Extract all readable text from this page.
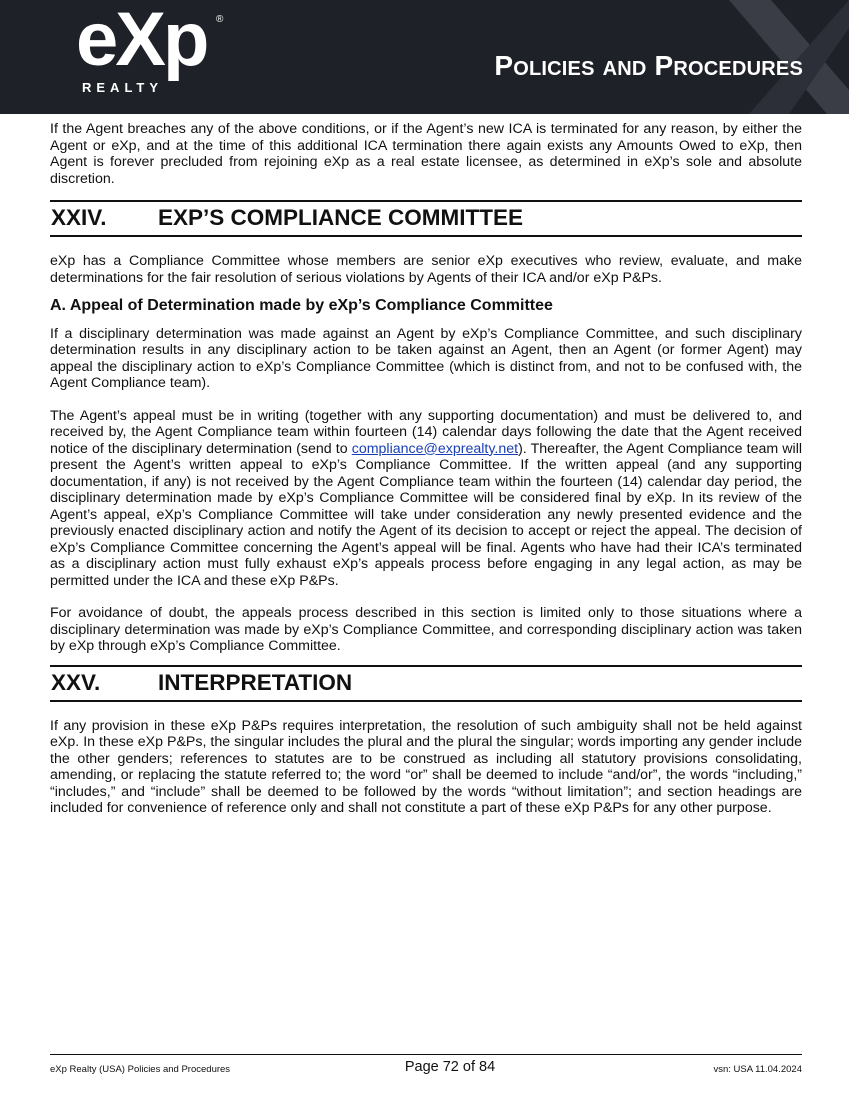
eXp
REALTY
®
Policies and Procedures

If the Agent breaches any of the above conditions, or if the Agent’s new ICA is terminated for any reason, by either the Agent or eXp, and at the time of this additional ICA termination there again exists any Amounts Owed to eXp, then Agent is forever precluded from rejoining eXp as a real estate licensee, as determined in eXp’s sole and absolute discretion.

XXIV.	EXP’S COMPLIANCE COMMITTEE

eXp has a Compliance Committee whose members are senior eXp executives who review, evaluate, and make determinations for the fair resolution of serious violations by Agents of their ICA and/or eXp P&Ps.

A. Appeal of Determination made by eXp’s Compliance Committee

If a disciplinary determination was made against an Agent by eXp’s Compliance Committee, and such disciplinary determination results in any disciplinary action to be taken against an Agent, then an Agent (or former Agent) may appeal the disciplinary action to eXp’s Compliance Committee (which is distinct from, and not to be confused with, the Agent Compliance team).

The Agent’s appeal must be in writing (together with any supporting documentation) and must be delivered to, and received by, the Agent Compliance team within fourteen (14) calendar days following the date that the Agent received notice of the disciplinary determination (send to compliance@exprealty.net). Thereafter, the Agent Compliance team will present the Agent’s written appeal to eXp’s Compliance Committee. If the written appeal (and any supporting documentation, if any) is not received by the Agent Compliance team within the fourteen (14) calendar day period, the disciplinary determination made by eXp’s Compliance Committee will be considered final by eXp. In its review of the Agent’s appeal, eXp’s Compliance Committee will take under consideration any newly presented evidence and the previously enacted disciplinary action and notify the Agent of its decision to accept or reject the appeal. The decision of eXp’s Compliance Committee concerning the Agent’s appeal will be final. Agents who have had their ICA’s terminated as a disciplinary action must fully exhaust eXp’s appeals process before engaging in any legal action, as may be permitted under the ICA and these eXp P&Ps.

For avoidance of doubt, the appeals process described in this section is limited only to those situations where a disciplinary determination was made by eXp’s Compliance Committee, and corresponding disciplinary action was taken by eXp through eXp’s Compliance Committee.

XXV.	INTERPRETATION

If any provision in these eXp P&Ps requires interpretation, the resolution of such ambiguity shall not be held against eXp. In these eXp P&Ps, the singular includes the plural and the plural the singular; words importing any gender include the other genders; references to statutes are to be construed as including all statutory provisions consolidating, amending, or replacing the statute referred to; the word “or” shall be deemed to include “and/or”, the words “including,” “includes,” and “include” shall be deemed to be followed by the words “without limitation”; and section headings are included for convenience of reference only and shall not constitute a part of these eXp P&Ps for any other purpose.

eXp Realty (USA) Policies and Procedures	Page 72 of 84	vsn: USA 11.04.2024
